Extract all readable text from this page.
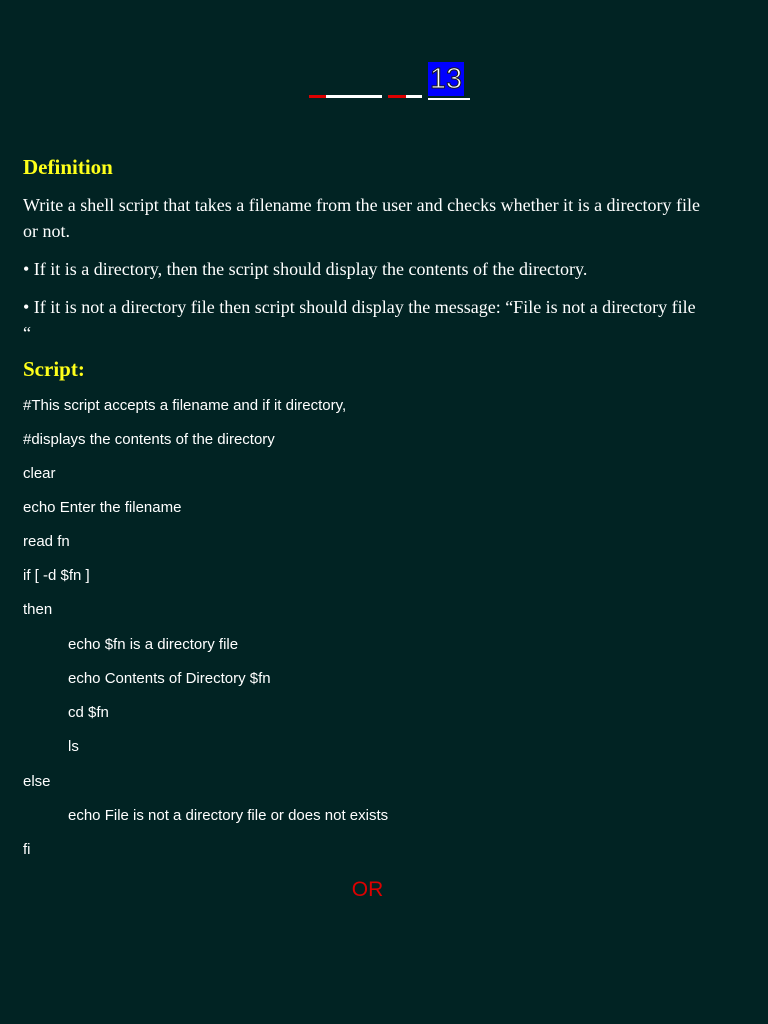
13
Definition

Write a shell script that takes a filename from the user and checks whether it is a directory file or not.

• If it is a directory, then the script should display the contents of the directory.

• If it is not a directory file then script should display the message: “File is not a directory file “

Script:

#This script accepts a filename and if it directory,

#displays the contents of the directory

clear

echo Enter the filename

read fn

if [ -d $fn ]

then

echo $fn is a directory file

echo Contents of Directory $fn

cd $fn

ls

else

echo File is not a directory file or does not exists

fi

OR
